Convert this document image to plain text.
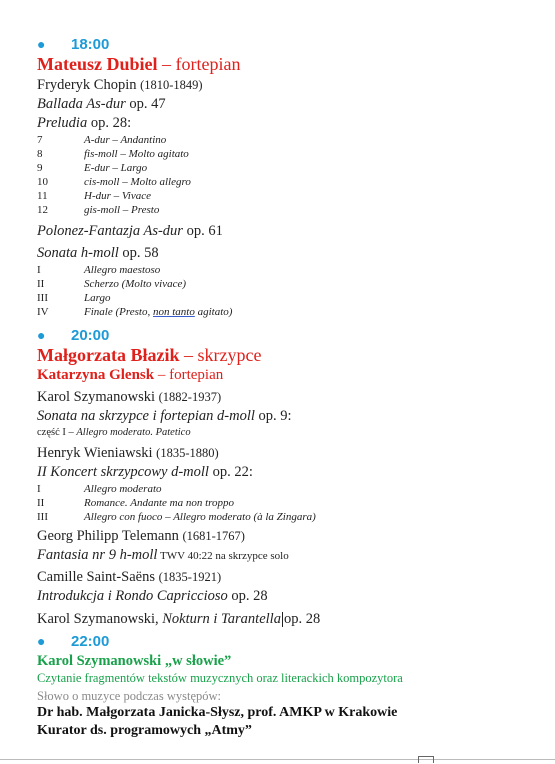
● 18:00
Mateusz Dubiel – fortepian
Fryderyk Chopin (1810-1849)
Ballada As-dur op. 47
Preludia op. 28:
7	A-dur – Andantino
8	fis-moll – Molto agitato
9	E-dur – Largo
10	cis-moll – Molto allegro
11	H-dur – Vivace
12	gis-moll – Presto
Polonez-Fantazja As-dur op. 61
Sonata h-moll op. 58
I	Allegro maestoso
II	Scherzo (Molto vivace)
III	Largo
IV	Finale (Presto, non tanto agitato)
● 20:00
Małgorzata Błazik – skrzypce
Katarzyna Glensk – fortepian
Karol Szymanowski (1882-1937)
Sonata na skrzypce i fortepian d-moll op. 9:
część I – Allegro moderato. Patetico
Henryk Wieniawski (1835-1880)
II Koncert skrzypcowy d-moll op. 22:
I	Allegro moderato
II	Romance. Andante ma non troppo
III	Allegro con fuoco – Allegro moderato (à la Zingara)
Georg Philipp Telemann (1681-1767)
Fantasia nr 9 h-moll TWV 40:22 na skrzypce solo
Camille Saint-Saëns (1835-1921)
Introdukcja i Rondo Capriccioso op. 28
Karol Szymanowski, Nokturn i Tarantella op. 28
● 22:00
Karol Szymanowski „w słowie”
Czytanie fragmentów tekstów muzycznych oraz literackich kompozytora
Słowo o muzyce podczas występów:
Dr hab. Małgorzata Janicka-Słysz, prof. AMKP w Krakowie
Kurator ds. programowych „Atmy”
